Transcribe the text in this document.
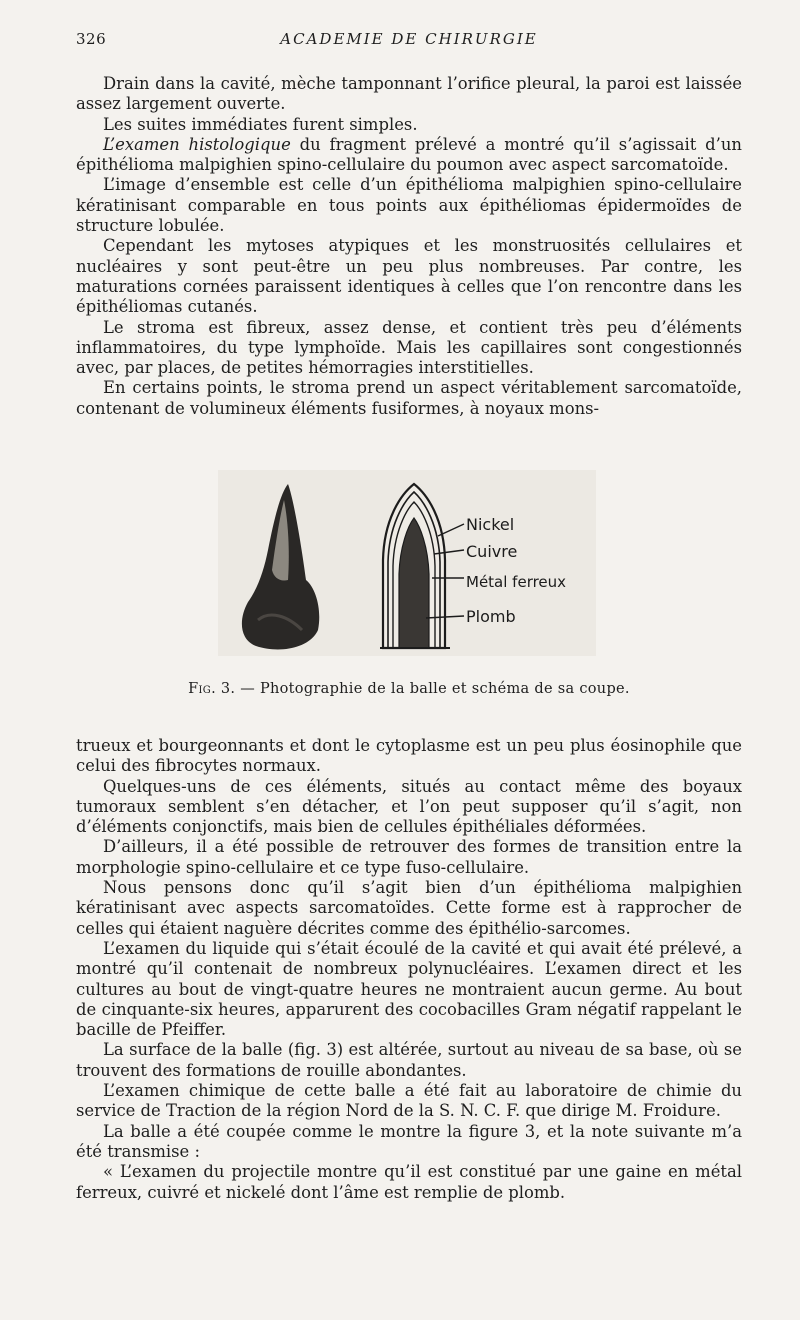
326	ACADEMIE DE CHIRURGIE

Drain dans la cavité, mèche tamponnant l’orifice pleural, la paroi est laissée assez largement ouverte.

Les suites immédiates furent simples.

L’examen histologique du fragment prélevé a montré qu’il s’agissait d’un épithélioma malpighien spino-cellulaire du poumon avec aspect sarcomatoïde.

L’image d’ensemble est celle d’un épithélioma malpighien spino-cellulaire kératinisant comparable en tous points aux épithéliomas épidermoïdes de structure lobulée.

Cependant les mytoses atypiques et les monstruosités cellulaires et nucléaires y sont peut-être un peu plus nombreuses. Par contre, les maturations cornées paraissent identiques à celles que l’on rencontre dans les épithéliomas cutanés.

Le stroma est fibreux, assez dense, et contient très peu d’éléments inflammatoires, du type lymphoïde. Mais les capillaires sont congestionnés avec, par places, de petites hémorragies interstitielles.

En certains points, le stroma prend un aspect véritablement sarcomatoïde, contenant de volumineux éléments fusiformes, à noyaux mons-

Nickel
Cuivre
Métal ferreux
Plomb
Fig. 3. — Photographie de la balle et schéma de sa coupe.

trueux et bourgeonnants et dont le cytoplasme est un peu plus éosinophile que celui des fibrocytes normaux.

Quelques-uns de ces éléments, situés au contact même des boyaux tumoraux semblent s’en détacher, et l’on peut supposer qu’il s’agit, non d’éléments conjonctifs, mais bien de cellules épithéliales déformées.

D’ailleurs, il a été possible de retrouver des formes de transition entre la morphologie spino-cellulaire et ce type fuso-cellulaire.

Nous pensons donc qu’il s’agit bien d’un épithélioma malpighien kératinisant avec aspects sarcomatoïdes. Cette forme est à rapprocher de celles qui étaient naguère décrites comme des épithélio-sarcomes.

L’examen du liquide qui s’était écoulé de la cavité et qui avait été prélevé, a montré qu’il contenait de nombreux polynucléaires. L’examen direct et les cultures au bout de vingt-quatre heures ne montraient aucun germe. Au bout de cinquante-six heures, apparurent des cocobacilles Gram négatif rappelant le bacille de Pfeiffer.

La surface de la balle (fig. 3) est altérée, surtout au niveau de sa base, où se trouvent des formations de rouille abondantes.

L’examen chimique de cette balle a été fait au laboratoire de chimie du service de Traction de la région Nord de la S. N. C. F. que dirige M. Froidure.

La balle a été coupée comme le montre la figure 3, et la note suivante m’a été transmise :

« L’examen du projectile montre qu’il est constitué par une gaine en métal ferreux, cuivré et nickelé dont l’âme est remplie de plomb.
